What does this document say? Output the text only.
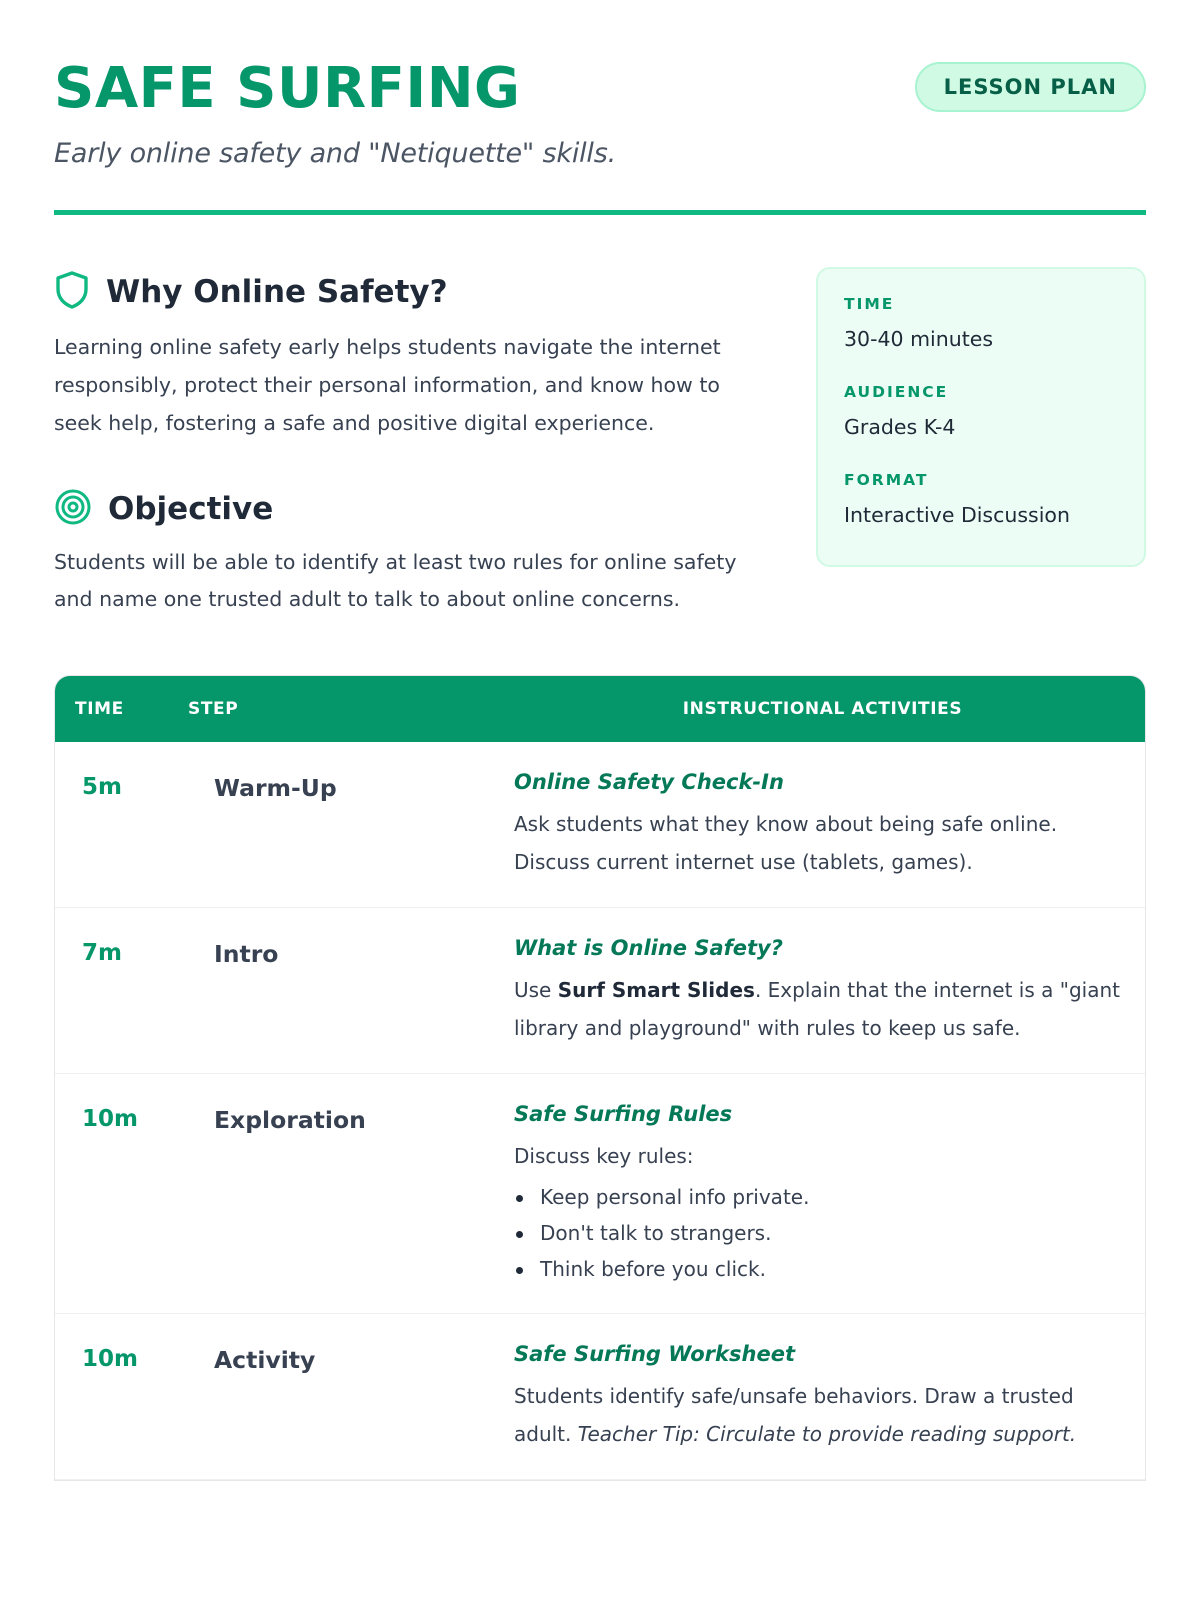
SAFE SURFING
Early online safety and "Netiquette" skills.
LESSON PLAN
Why Online Safety?

Learning online safety early helps students navigate the internet responsibly, protect their personal information, and know how to seek help, fostering a safe and positive digital experience.

Objective

Students will be able to identify at least two rules for online safety and name one trusted adult to talk to about online concerns.

TIME
30-40 minutes
AUDIENCE
Grades K-4
FORMAT
Interactive Discussion
TIME	STEP	INSTRUCTIONAL ACTIVITIES
5m	Warm-Up	Online Safety Check-In
Ask students what they know about being safe online. Discuss current internet use (tablets, games).
7m	Intro	What is Online Safety?
Use Surf Smart Slides. Explain that the internet is a "giant library and playground" with rules to keep us safe.
10m	Exploration	Safe Surfing Rules
Discuss key rules:
Keep personal info private.
Don't talk to strangers.
Think before you click.
10m	Activity	Safe Surfing Worksheet
Students identify safe/unsafe behaviors. Draw a trusted adult. Teacher Tip: Circulate to provide reading support.
